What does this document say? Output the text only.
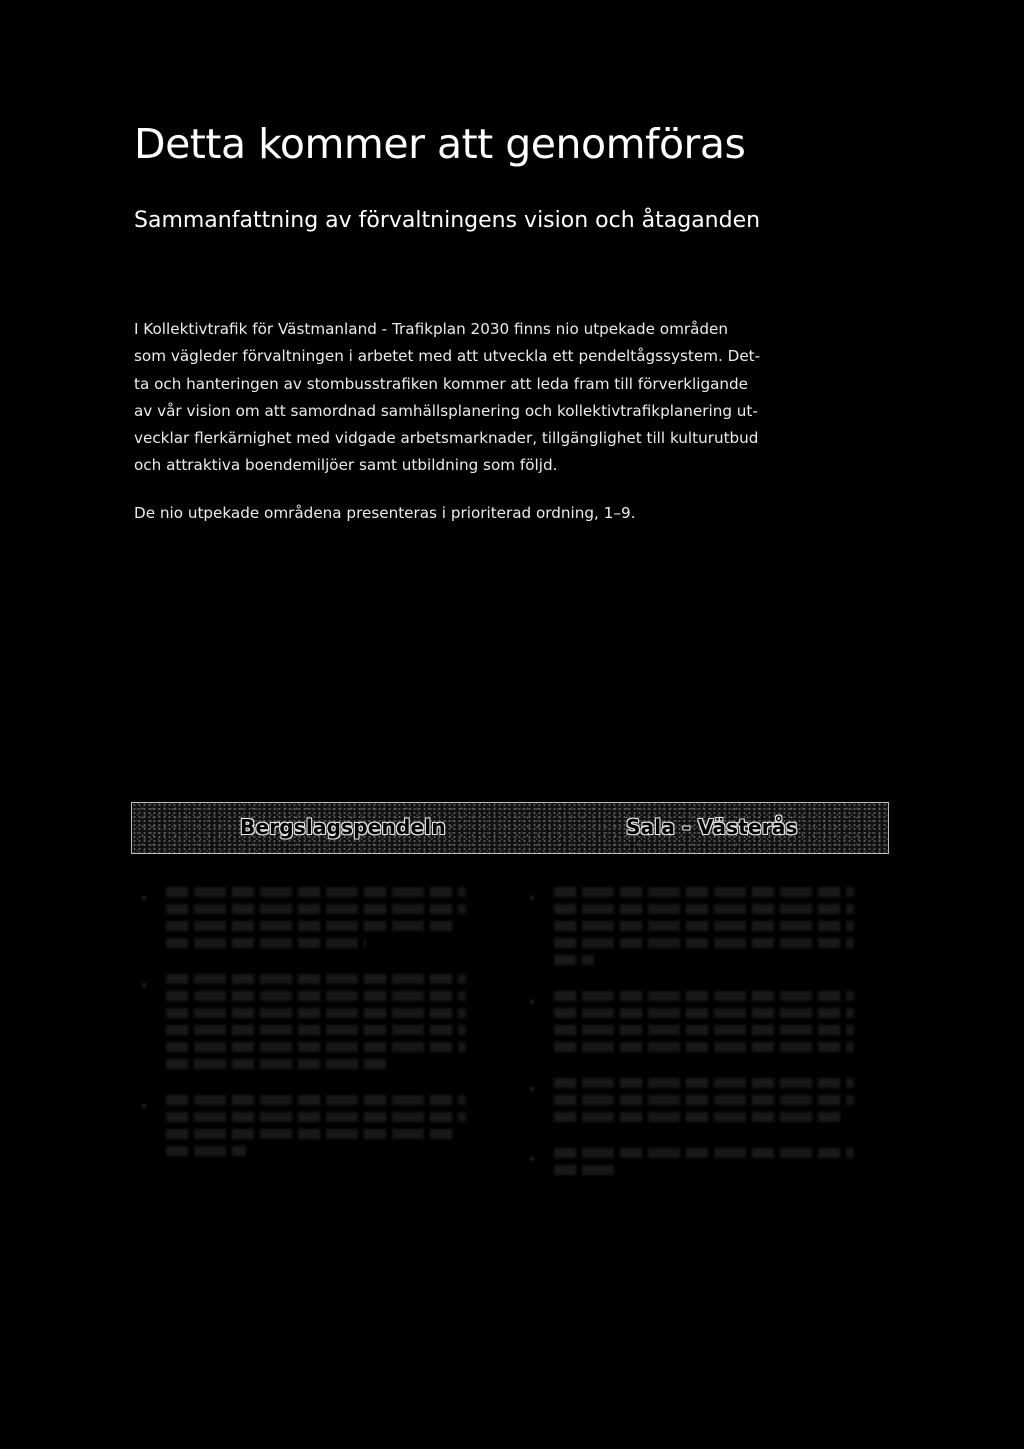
Detta kommer att genomföras
Sammanfattning av förvaltningens vision och åtaganden

I Kollektivtrafik för Västmanland - Trafikplan 2030 finns nio utpekade områden
som vägleder förvaltningen i arbetet med att utveckla ett pendeltågssystem. Det-
ta och hanteringen av stombusstrafiken kommer att leda fram till förverkligande
av vår vision om att samordnad samhällsplanering och kollektivtrafikplanering ut-
vecklar flerkärnighet med vidgade arbetsmarknader, tillgänglighet till kulturutbud
och attraktiva boendemiljöer samt utbildning som följd.

De nio utpekade områdena presenteras i prioriterad ordning, 1–9.

Bergslagspendeln	Sala - Västerås
•
•
•
•
•
•
•
